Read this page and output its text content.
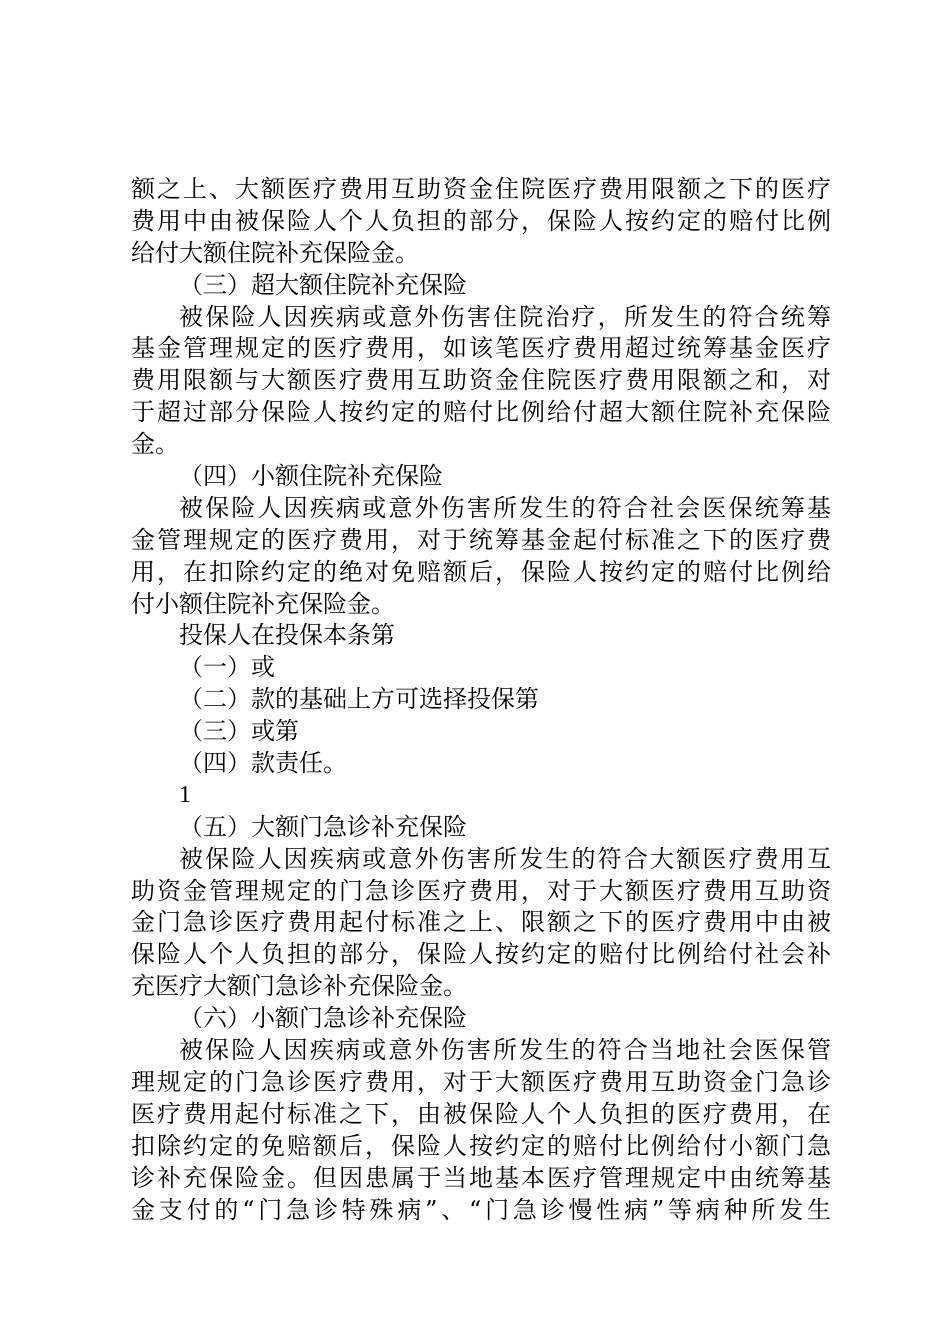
额之上、大额医疗费用互助资金住院医疗费用限额之下的医疗
费用中由被保险人个人负担的部分，保险人按约定的赔付比例
给付大额住院补充保险金。
（三）超大额住院补充保险
被保险人因疾病或意外伤害住院治疗，所发生的符合统筹
基金管理规定的医疗费用，如该笔医疗费用超过统筹基金医疗
费用限额与大额医疗费用互助资金住院医疗费用限额之和，对
于超过部分保险人按约定的赔付比例给付超大额住院补充保险
金。
（四）小额住院补充保险
被保险人因疾病或意外伤害所发生的符合社会医保统筹基
金管理规定的医疗费用，对于统筹基金起付标准之下的医疗费
用，在扣除约定的绝对免赔额后，保险人按约定的赔付比例给
付小额住院补充保险金。
投保人在投保本条第
（一）或
（二）款的基础上方可选择投保第
（三）或第
（四）款责任。
1
（五）大额门急诊补充保险
被保险人因疾病或意外伤害所发生的符合大额医疗费用互
助资金管理规定的门急诊医疗费用，对于大额医疗费用互助资
金门急诊医疗费用起付标准之上、限额之下的医疗费用中由被
保险人个人负担的部分，保险人按约定的赔付比例给付社会补
充医疗大额门急诊补充保险金。
（六）小额门急诊补充保险
被保险人因疾病或意外伤害所发生的符合当地社会医保管
理规定的门急诊医疗费用，对于大额医疗费用互助资金门急诊
医疗费用起付标准之下，由被保险人个人负担的医疗费用，在
扣除约定的免赔额后，保险人按约定的赔付比例给付小额门急
诊补充保险金。但因患属于当地基本医疗管理规定中由统筹基
金支付的“门急诊特殊病”、“门急诊慢性病”等病种所发生
